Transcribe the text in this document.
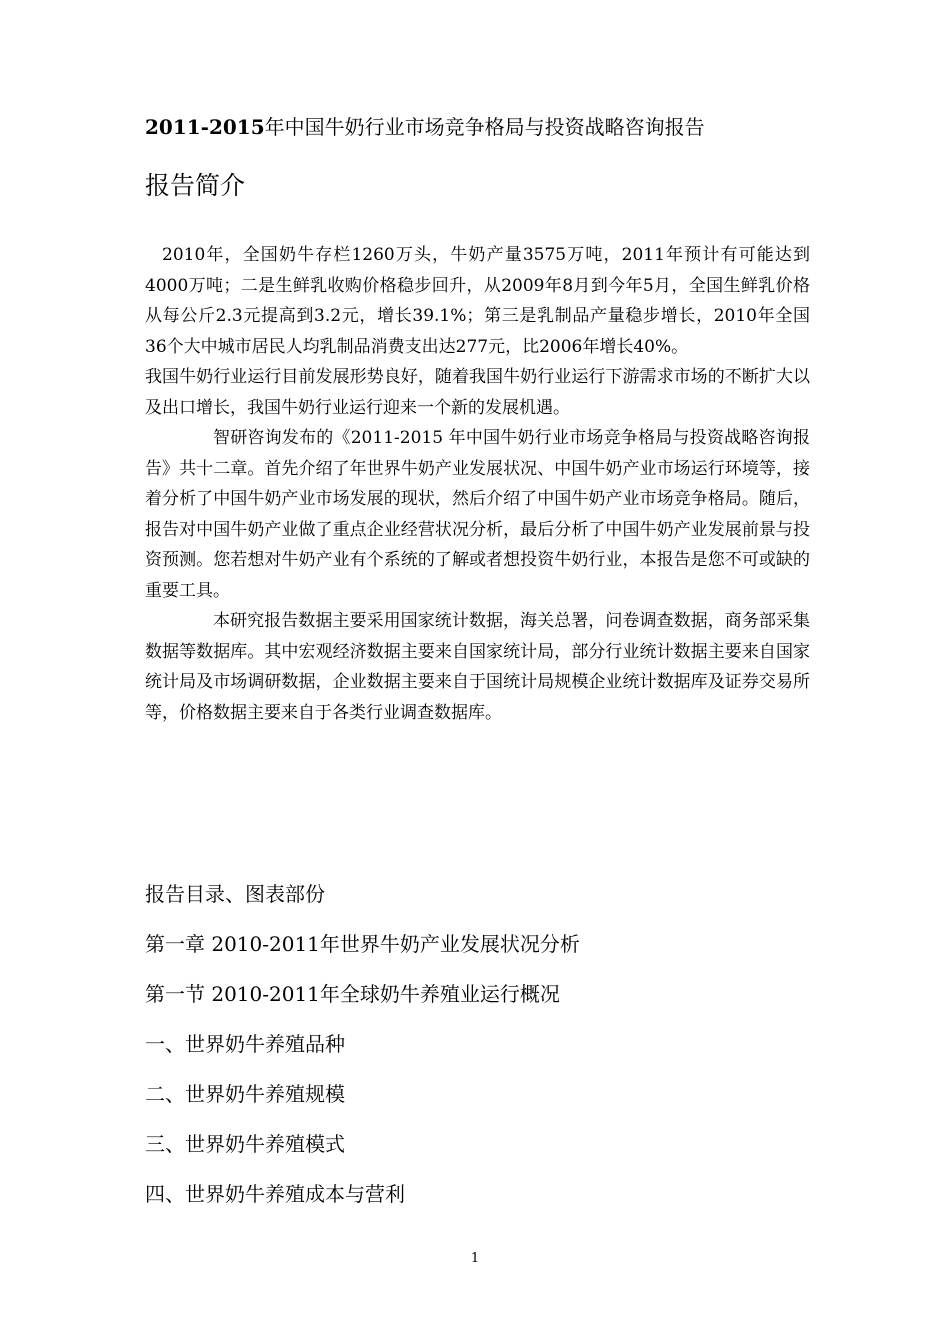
2011-2015年中国牛奶行业市场竞争格局与投资战略咨询报告
报告简介

2010年，全国奶牛存栏1260万头，牛奶产量3575万吨，2011年预计有可能达到4000万吨；二是生鲜乳收购价格稳步回升，从2009年8月到今年5月，全国生鲜乳价格从每公斤2.3元提高到3.2元，增长39.1%；第三是乳制品产量稳步增长，2010年全国36个大中城市居民人均乳制品消费支出达277元，比2006年增长40%。

我国牛奶行业运行目前发展形势良好，随着我国牛奶行业运行下游需求市场的不断扩大以及出口增长，我国牛奶行业运行迎来一个新的发展机遇。

智研咨询发布的《2011-2015 年中国牛奶行业市场竞争格局与投资战略咨询报告》共十二章。首先介绍了年世界牛奶产业发展状况、中国牛奶产业市场运行环境等，接着分析了中国牛奶产业市场发展的现状，然后介绍了中国牛奶产业市场竞争格局。随后，报告对中国牛奶产业做了重点企业经营状况分析，最后分析了中国牛奶产业发展前景与投资预测。您若想对牛奶产业有个系统的了解或者想投资牛奶行业，本报告是您不可或缺的重要工具。

本研究报告数据主要采用国家统计数据，海关总署，问卷调查数据，商务部采集数据等数据库。其中宏观经济数据主要来自国家统计局，部分行业统计数据主要来自国家统计局及市场调研数据，企业数据主要来自于国统计局规模企业统计数据库及证券交易所等，价格数据主要来自于各类行业调查数据库。

报告目录、图表部份
第一章 2010-2011年世界牛奶产业发展状况分析
第一节 2010-2011年全球奶牛养殖业运行概况
一、世界奶牛养殖品种
二、世界奶牛养殖规模
三、世界奶牛养殖模式
四、世界奶牛养殖成本与营利
1
